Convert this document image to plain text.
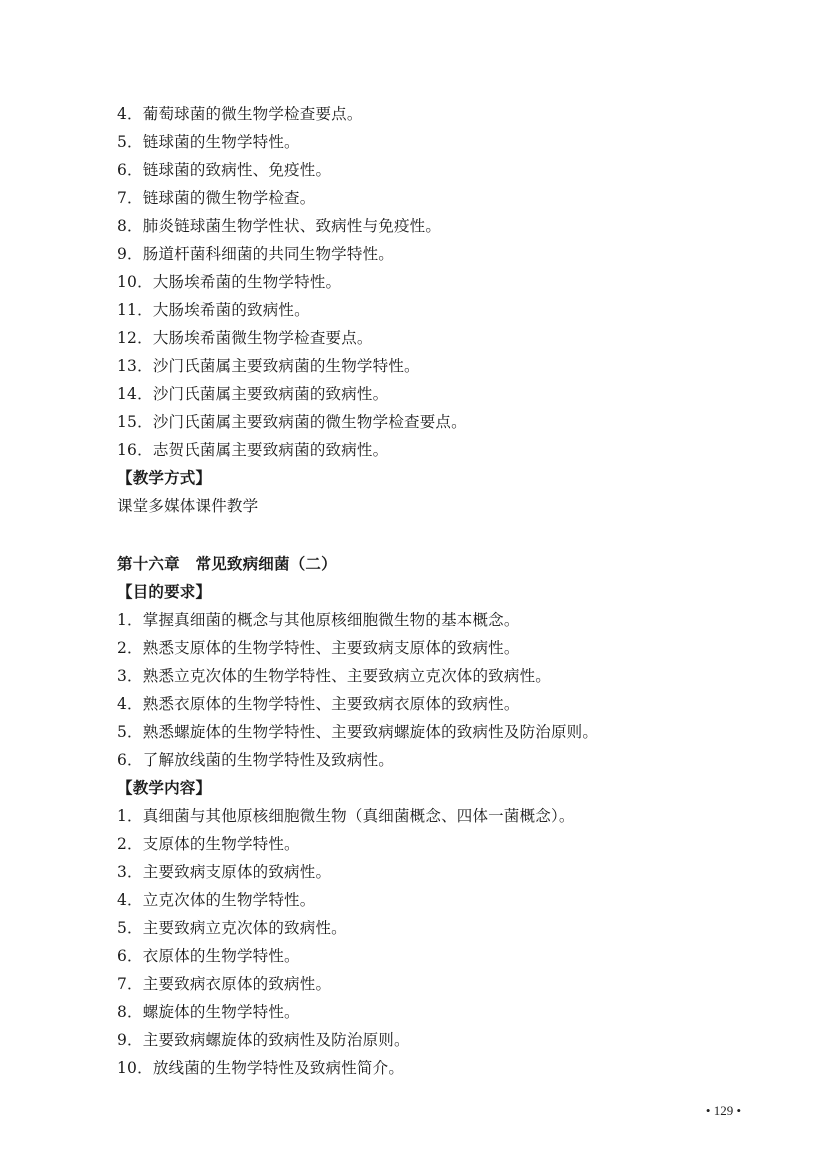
4．葡萄球菌的微生物学检查要点。
5．链球菌的生物学特性。
6．链球菌的致病性、免疫性。
7．链球菌的微生物学检查。
8．肺炎链球菌生物学性状、致病性与免疫性。
9．肠道杆菌科细菌的共同生物学特性。
10．大肠埃希菌的生物学特性。
11．大肠埃希菌的致病性。
12．大肠埃希菌微生物学检查要点。
13．沙门氏菌属主要致病菌的生物学特性。
14．沙门氏菌属主要致病菌的致病性。
15．沙门氏菌属主要致病菌的微生物学检查要点。
16．志贺氏菌属主要致病菌的致病性。
【教学方式】
课堂多媒体课件教学
第十六章　常见致病细菌（二）
【目的要求】
1．掌握真细菌的概念与其他原核细胞微生物的基本概念。
2．熟悉支原体的生物学特性、主要致病支原体的致病性。
3．熟悉立克次体的生物学特性、主要致病立克次体的致病性。
4．熟悉衣原体的生物学特性、主要致病衣原体的致病性。
5．熟悉螺旋体的生物学特性、主要致病螺旋体的致病性及防治原则。
6．了解放线菌的生物学特性及致病性。
【教学内容】
1．真细菌与其他原核细胞微生物（真细菌概念、四体一菌概念）。
2．支原体的生物学特性。
3．主要致病支原体的致病性。
4．立克次体的生物学特性。
5．主要致病立克次体的致病性。
6．衣原体的生物学特性。
7．主要致病衣原体的致病性。
8．螺旋体的生物学特性。
9．主要致病螺旋体的致病性及防治原则。
10．放线菌的生物学特性及致病性简介。
• 129 •
